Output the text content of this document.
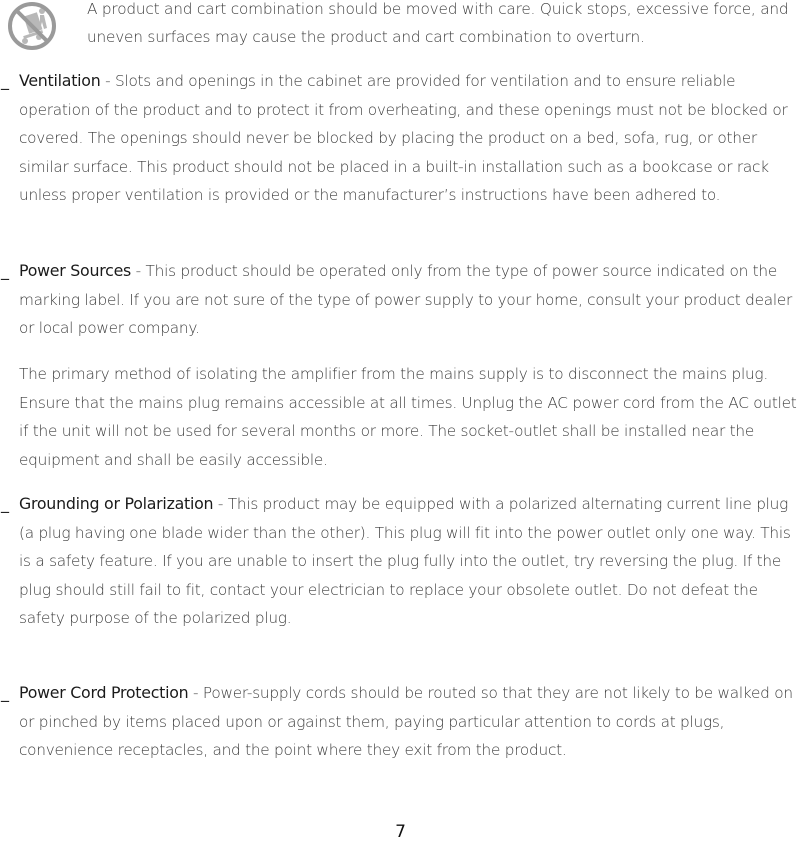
A product and cart combination should be moved with care. Quick stops, excessive force, and uneven surfaces may cause the product and cart combination to overturn.
_ Ventilation - Slots and openings in the cabinet are provided for ventilation and to ensure reliable operation of the product and to protect it from overheating, and these openings must not be blocked or covered. The openings should never be blocked by placing the product on a bed, sofa, rug, or other similar surface. This product should not be placed in a built-in installation such as a bookcase or rack unless proper ventilation is provided or the manufacturer’s instructions have been adhered to.
_ Power Sources - This product should be operated only from the type of power source indicated on the marking label. If you are not sure of the type of power supply to your home, consult your product dealer or local power company.
The primary method of isolating the amplifier from the mains supply is to disconnect the mains plug. Ensure that the mains plug remains accessible at all times. Unplug the AC power cord from the AC outlet if the unit will not be used for several months or more. The socket-outlet shall be installed near the equipment and shall be easily accessible.
_ Grounding or Polarization - This product may be equipped with a polarized alternating current line plug (a plug having one blade wider than the other). This plug will fit into the power outlet only one way. This is a safety feature. If you are unable to insert the plug fully into the outlet, try reversing the plug. If the plug should still fail to fit, contact your electrician to replace your obsolete outlet. Do not defeat the safety purpose of the polarized plug.
_ Power Cord Protection - Power-supply cords should be routed so that they are not likely to be walked on or pinched by items placed upon or against them, paying particular attention to cords at plugs, convenience receptacles, and the point where they exit from the product.
7
